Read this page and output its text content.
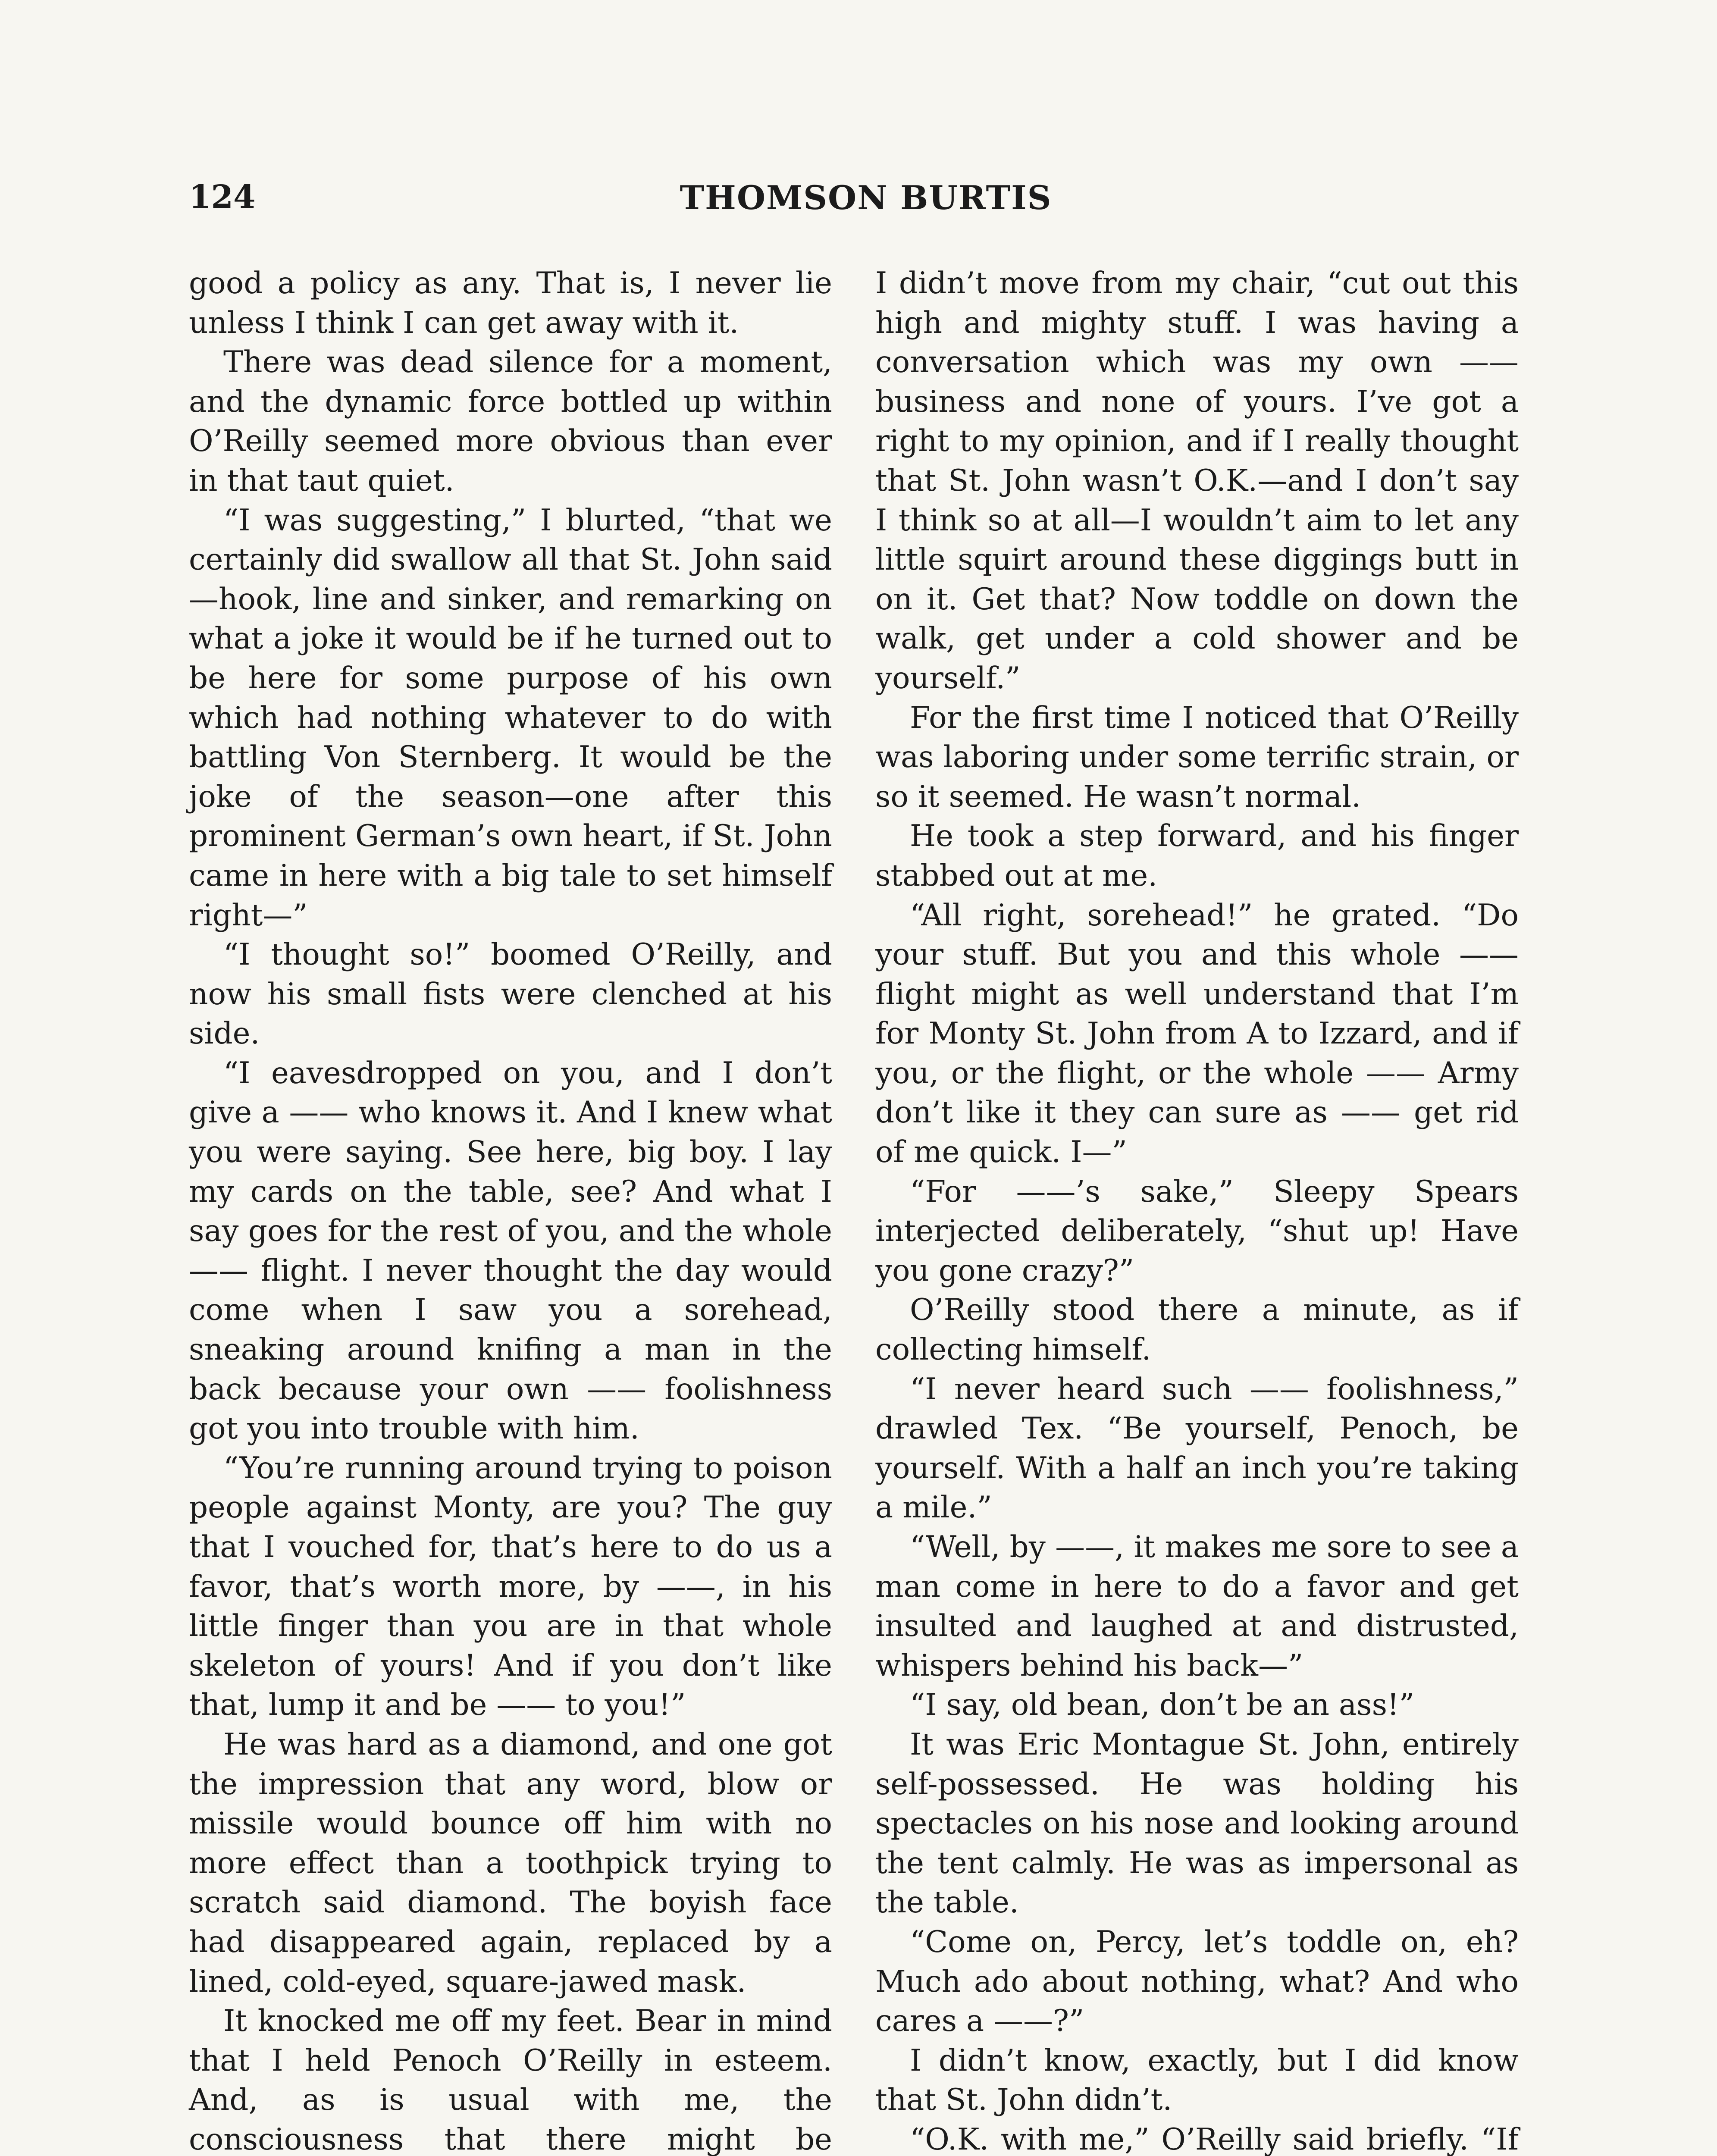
124	THOMSON BURTIS

good a policy as any. That is, I never lie unless I think I can get away with it.

There was dead silence for a moment, and the dynamic force bottled up within O’Reilly seemed more obvious than ever in that taut quiet.

“I was suggesting,” I blurted, “that we certainly did swallow all that St. John said—hook, line and sinker, and remarking on what a joke it would be if he turned out to be here for some purpose of his own which had nothing whatever to do with battling Von Sternberg. It would be the joke of the season—one after this prominent German’s own heart, if St. John came in here with a big tale to set himself right—”

“I thought so!” boomed O’Reilly, and now his small fists were clenched at his side.

“I eavesdropped on you, and I don’t give a —— who knows it. And I knew what you were saying. See here, big boy. I lay my cards on the table, see? And what I say goes for the rest of you, and the whole —— flight. I never thought the day would come when I saw you a sorehead, sneaking around knifing a man in the back because your own —— foolishness got you into trouble with him.

“You’re running around trying to poison people against Monty, are you? The guy that I vouched for, that’s here to do us a favor, that’s worth more, by ——, in his little finger than you are in that whole skeleton of yours! And if you don’t like that, lump it and be —— to you!”

He was hard as a diamond, and one got the impression that any word, blow or missile would bounce off him with no more effect than a toothpick trying to scratch said diamond. The boyish face had disappeared again, replaced by a lined, cold-eyed, square-jawed mask.

It knocked me off my feet. Bear in mind that I held Penoch O’Reilly in esteem. And, as is usual with me, the consciousness that there might be

I didn’t move from my chair, “cut out this high and mighty stuff. I was having a conversation which was my own —— business and none of yours. I’ve got a right to my opinion, and if I really thought that St. John wasn’t O.K.—and I don’t say I think so at all—I wouldn’t aim to let any little squirt around these diggings butt in on it. Get that? Now toddle on down the walk, get under a cold shower and be yourself.”

For the first time I noticed that O’Reilly was laboring under some terrific strain, or so it seemed. He wasn’t normal.

He took a step forward, and his finger stabbed out at me.

“All right, sorehead!” he grated. “Do your stuff. But you and this whole —— flight might as well understand that I’m for Monty St. John from A to Izzard, and if you, or the flight, or the whole —— Army don’t like it they can sure as —— get rid of me quick. I—”

“For ——’s sake,” Sleepy Spears interjected deliberately, “shut up! Have you gone crazy?”

O’Reilly stood there a minute, as if collecting himself.

“I never heard such —— foolishness,” drawled Tex. “Be yourself, Penoch, be yourself. With a half an inch you’re taking a mile.”

“Well, by ——, it makes me sore to see a man come in here to do a favor and get insulted and laughed at and distrusted, whispers behind his back—”

“I say, old bean, don’t be an ass!”

It was Eric Montague St. John, entirely self-possessed. He was holding his spectacles on his nose and looking around the tent calmly. He was as impersonal as the table.

“Come on, Percy, let’s toddle on, eh? Much ado about nothing, what? And who cares a ——?”

I didn’t know, exactly, but I did know that St. John didn’t.

“O.K. with me,” O’Reilly said briefly. “If
